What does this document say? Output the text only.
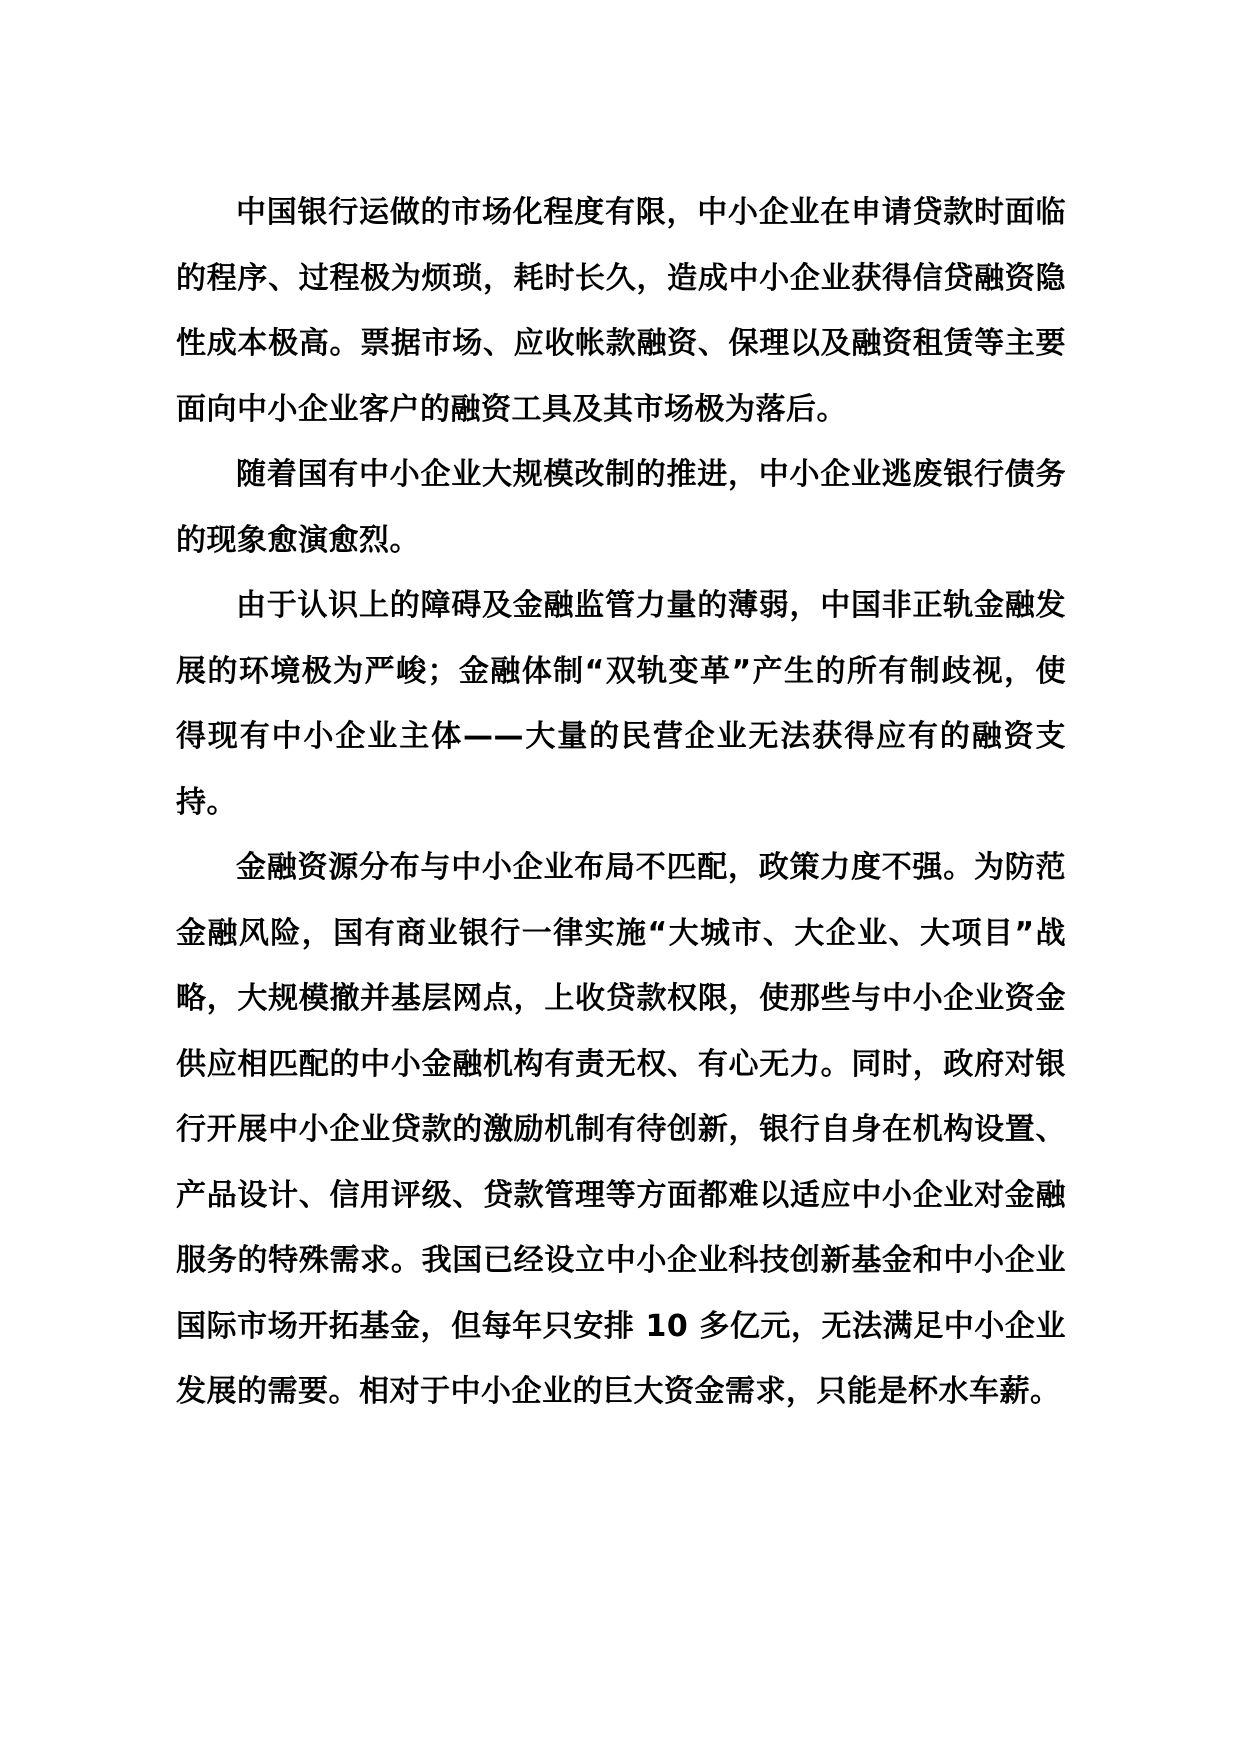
中国银行运做的市场化程度有限，中小企业在申请贷款时面临的程序、过程极为烦琐，耗时长久，造成中小企业获得信贷融资隐性成本极高。票据市场、应收帐款融资、保理以及融资租赁等主要面向中小企业客户的融资工具及其市场极为落后。

随着国有中小企业大规模改制的推进，中小企业逃废银行债务的现象愈演愈烈。

由于认识上的障碍及金融监管力量的薄弱，中国非正轨金融发展的环境极为严峻；金融体制“双轨变革”产生的所有制歧视，使得现有中小企业主体——大量的民营企业无法获得应有的融资支持。

金融资源分布与中小企业布局不匹配，政策力度不强。为防范金融风险，国有商业银行一律实施“大城市、大企业、大项目”战略，大规模撤并基层网点，上收贷款权限，使那些与中小企业资金供应相匹配的中小金融机构有责无权、有心无力。同时，政府对银行开展中小企业贷款的激励机制有待创新，银行自身在机构设置、产品设计、信用评级、贷款管理等方面都难以适应中小企业对金融服务的特殊需求。我国已经设立中小企业科技创新基金和中小企业国际市场开拓基金，但每年只安排 10 多亿元，无法满足中小企业发展的需要。相对于中小企业的巨大资金需求，只能是杯水车薪。
